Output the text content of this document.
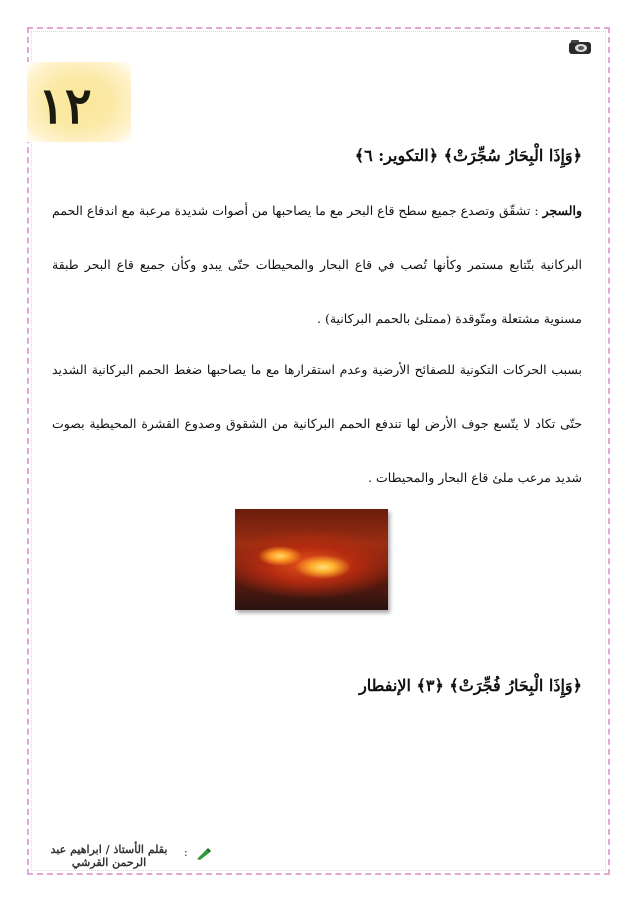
١٢
﴿وَإِذَا الْبِحَارُ سُجِّرَتْ﴾ ﴿التكوير: ٦﴾
والسجر : تشقّق وتصدع جميع سطح قاع البحر مع ما يصاحبها من أصوات شديدة مرعبة مع اندفاع الحمم البركانية بتّتابع مستمر وكأنها تُصب في قاع البحار والمحيطات حتّى يبدو وكأن جميع قاع البحر طبقة مسنوية مشتعلة ومتّوقدة (ممتلئ بالحمم البركانية) .
بسبب الحركات التكونية للصفائح الأرضية وعدم استقرارها مع ما يصاحبها ضغط الحمم البركانية الشديد حتّى تكاد لا يتّسع جوف الأرض لها تندفع الحمم البركانية من الشقوق وصدوع القشرة المحيطية بصوت شديد مرعب ملئ قاع البحار والمحيطات .
﴿وَإِذَا الْبِحَارُ فُجِّرَتْ﴾ ﴿٣﴾ الإنفطار
بقلم الأستاذ / ابراهيم عبد الرحمن القرشي
:
